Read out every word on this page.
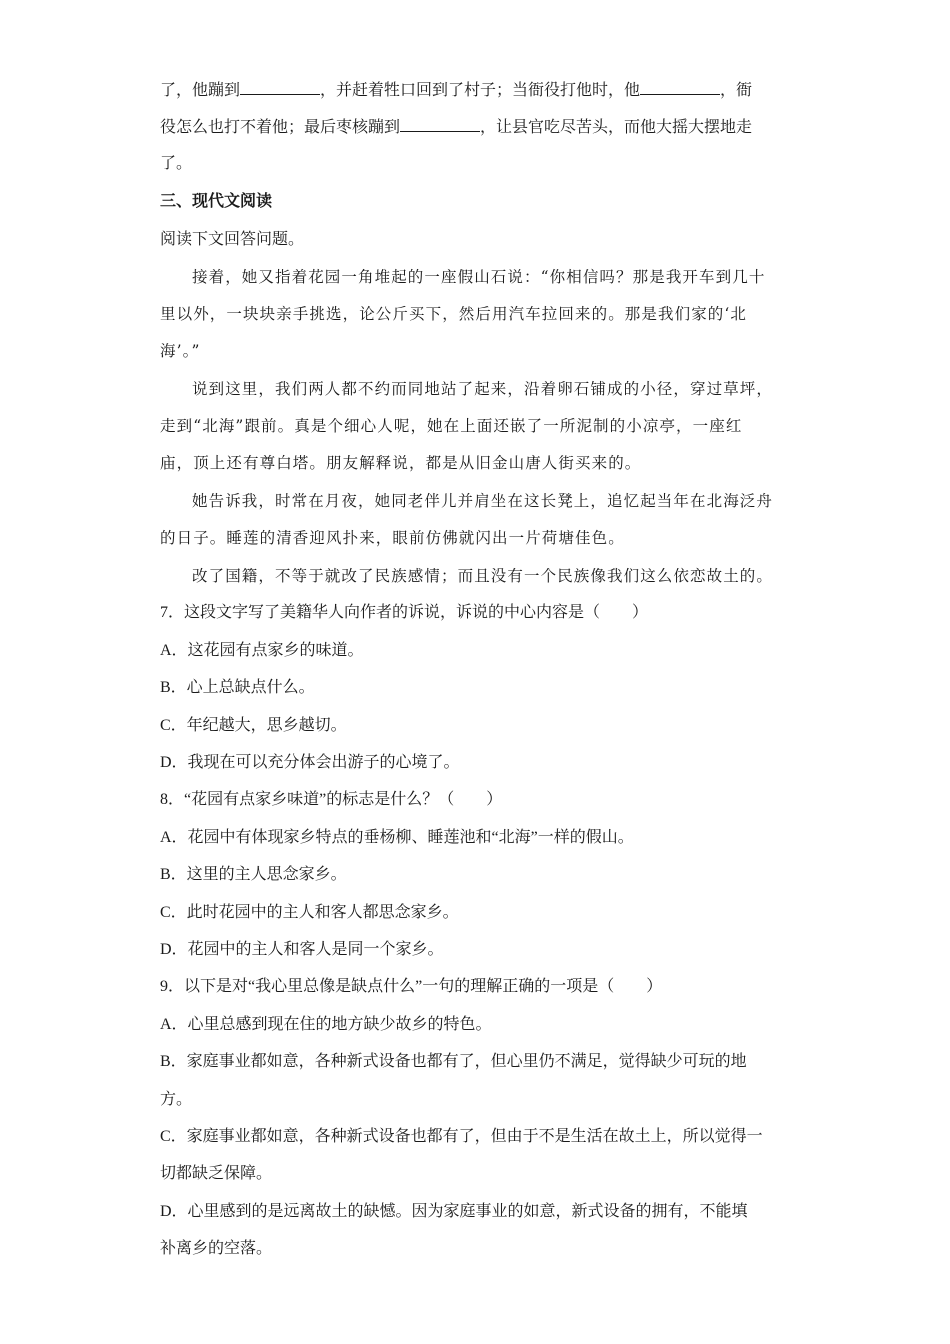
了，他蹦到	，并赶着牲口回到了村子；当衙役打他时，他	，衙
役怎么也打不着他；最后枣核蹦到	，让县官吃尽苦头，而他大摇大摆地走
了。
三、现代文阅读
阅读下文回答问题。
接着，她又指着花园一角堆起的一座假山石说：“你相信吗？那是我开车到几十
里以外，一块块亲手挑选，论公斤买下，然后用汽车拉回来的。那是我们家的‘北
海’。”
说到这里，我们两人都不约而同地站了起来，沿着卵石铺成的小径，穿过草坪，
走到“北海”跟前。真是个细心人呢，她在上面还嵌了一所泥制的小凉亭，一座红
庙，顶上还有尊白塔。朋友解释说，都是从旧金山唐人街买来的。
她告诉我，时常在月夜，她同老伴儿并肩坐在这长凳上，追忆起当年在北海泛舟
的日子。睡莲的清香迎风扑来，眼前仿佛就闪出一片荷塘佳色。
改了国籍，不等于就改了民族感情；而且没有一个民族像我们这么依恋故土的。
7．这段文字写了美籍华人向作者的诉说，诉说的中心内容是（　　）
A．这花园有点家乡的味道。
B．心上总缺点什么。
C．年纪越大，思乡越切。
D．我现在可以充分体会出游子的心境了。
8．“花园有点家乡味道”的标志是什么？（　　）
A．花园中有体现家乡特点的垂杨柳、睡莲池和“北海”一样的假山。
B．这里的主人思念家乡。
C．此时花园中的主人和客人都思念家乡。
D．花园中的主人和客人是同一个家乡。
9．以下是对“我心里总像是缺点什么”一句的理解正确的一项是（　　）
A．心里总感到现在住的地方缺少故乡的特色。
B．家庭事业都如意，各种新式设备也都有了，但心里仍不满足，觉得缺少可玩的地
方。
C．家庭事业都如意，各种新式设备也都有了，但由于不是生活在故土上，所以觉得一
切都缺乏保障。
D．心里感到的是远离故土的缺憾。因为家庭事业的如意，新式设备的拥有，不能填
补离乡的空落。
